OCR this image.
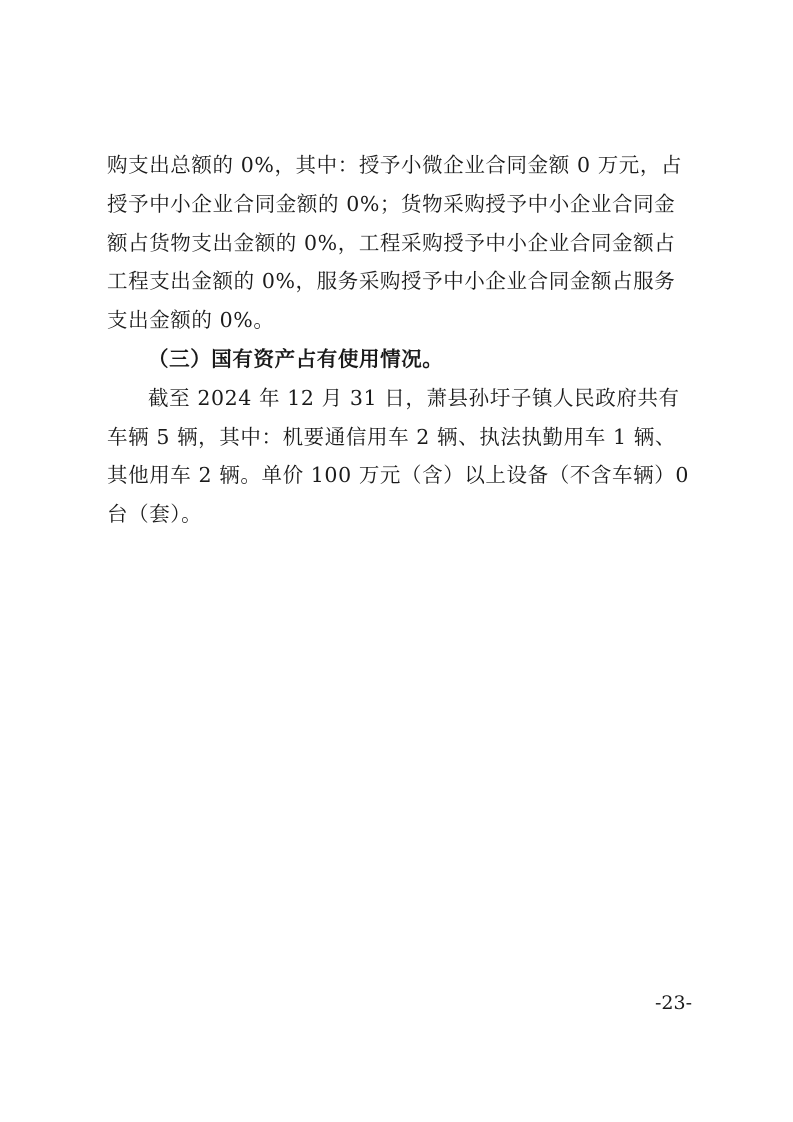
购支出总额的 0%，其中：授予小微企业合同金额 0 万元，占授予中小企业合同金额的 0%；货物采购授予中小企业合同金额占货物支出金额的 0%，工程采购授予中小企业合同金额占工程支出金额的 0%，服务采购授予中小企业合同金额占服务支出金额的 0%。

（三）国有资产占有使用情况。

截至 2024 年 12 月 31 日，萧县孙圩子镇人民政府共有车辆 5 辆，其中：机要通信用车 2 辆、执法执勤用车 1 辆、其他用车 2 辆。单价 100 万元（含）以上设备（不含车辆）0 台（套）。

-23-
